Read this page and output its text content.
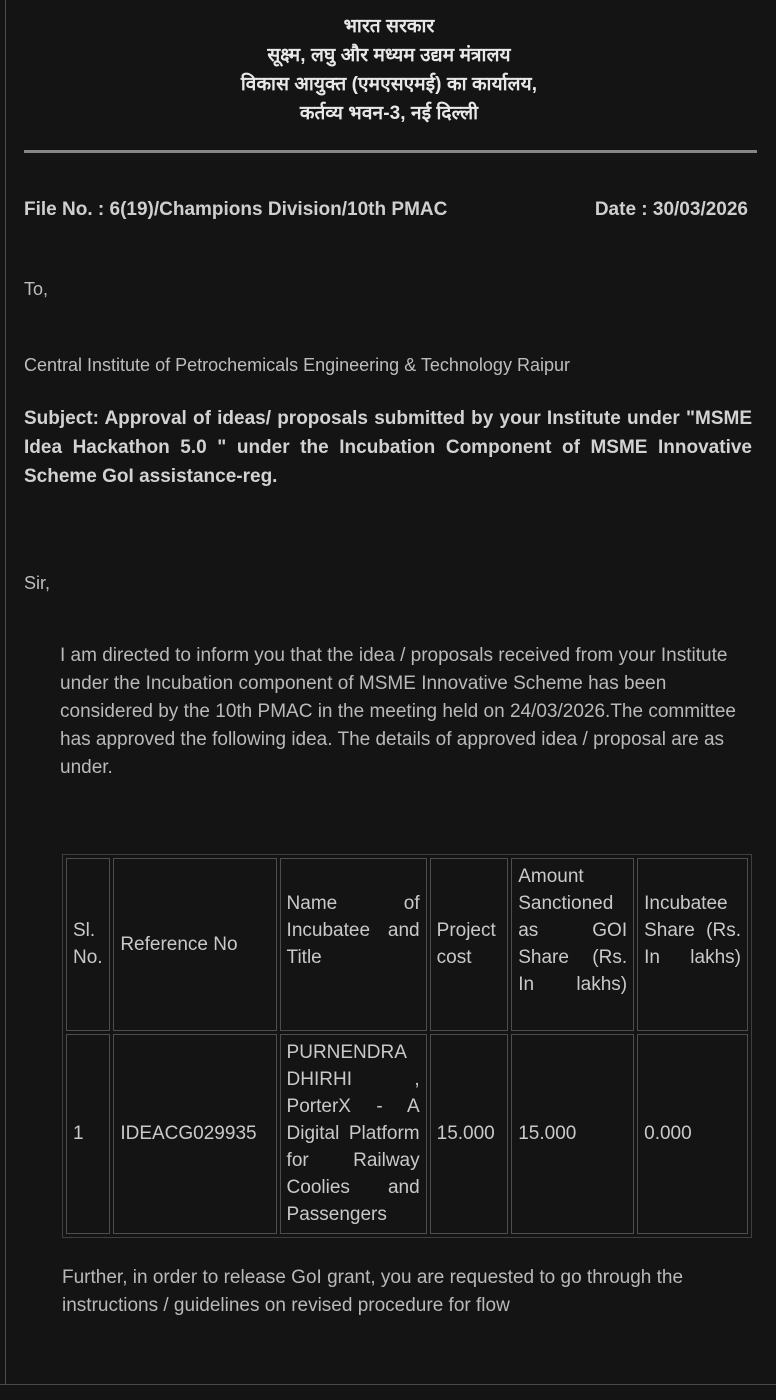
भारत सरकार
सूक्ष्म, लघु और मध्यम उद्यम मंत्रालय
विकास आयुक्त (एमएसएमई) का कार्यालय,
कर्तव्य भवन-3, नई दिल्ली
File No. : 6(19)/Champions Division/10th PMAC	Date : 30/03/2026
To,
Central Institute of Petrochemicals Engineering & Technology Raipur
Subject: Approval of ideas/ proposals submitted by your Institute under "MSME Idea Hackathon 5.0 " under the Incubation Component of MSME Innovative Scheme GoI assistance-reg.
Sir,
I am directed to inform you that the idea / proposals received from your Institute under the Incubation component of MSME Innovative Scheme has been considered by the 10th PMAC in the meeting held on 24/03/2026.The committee has approved the following idea. The details of approved idea / proposal are as under.
Sl. No.	Reference No	Name of Incubatee and Title	Project cost	Amount Sanctioned as GOI Share (Rs. In lakhs)	Incubatee Share (Rs. In lakhs)
1	IDEACG029935	PURNENDRA DHIRHI , PorterX - A Digital Platform for Railway Coolies and Passengers	15.000	15.000	0.000
Further, in order to release GoI grant, you are requested to go through the instructions / guidelines on revised procedure for flow
